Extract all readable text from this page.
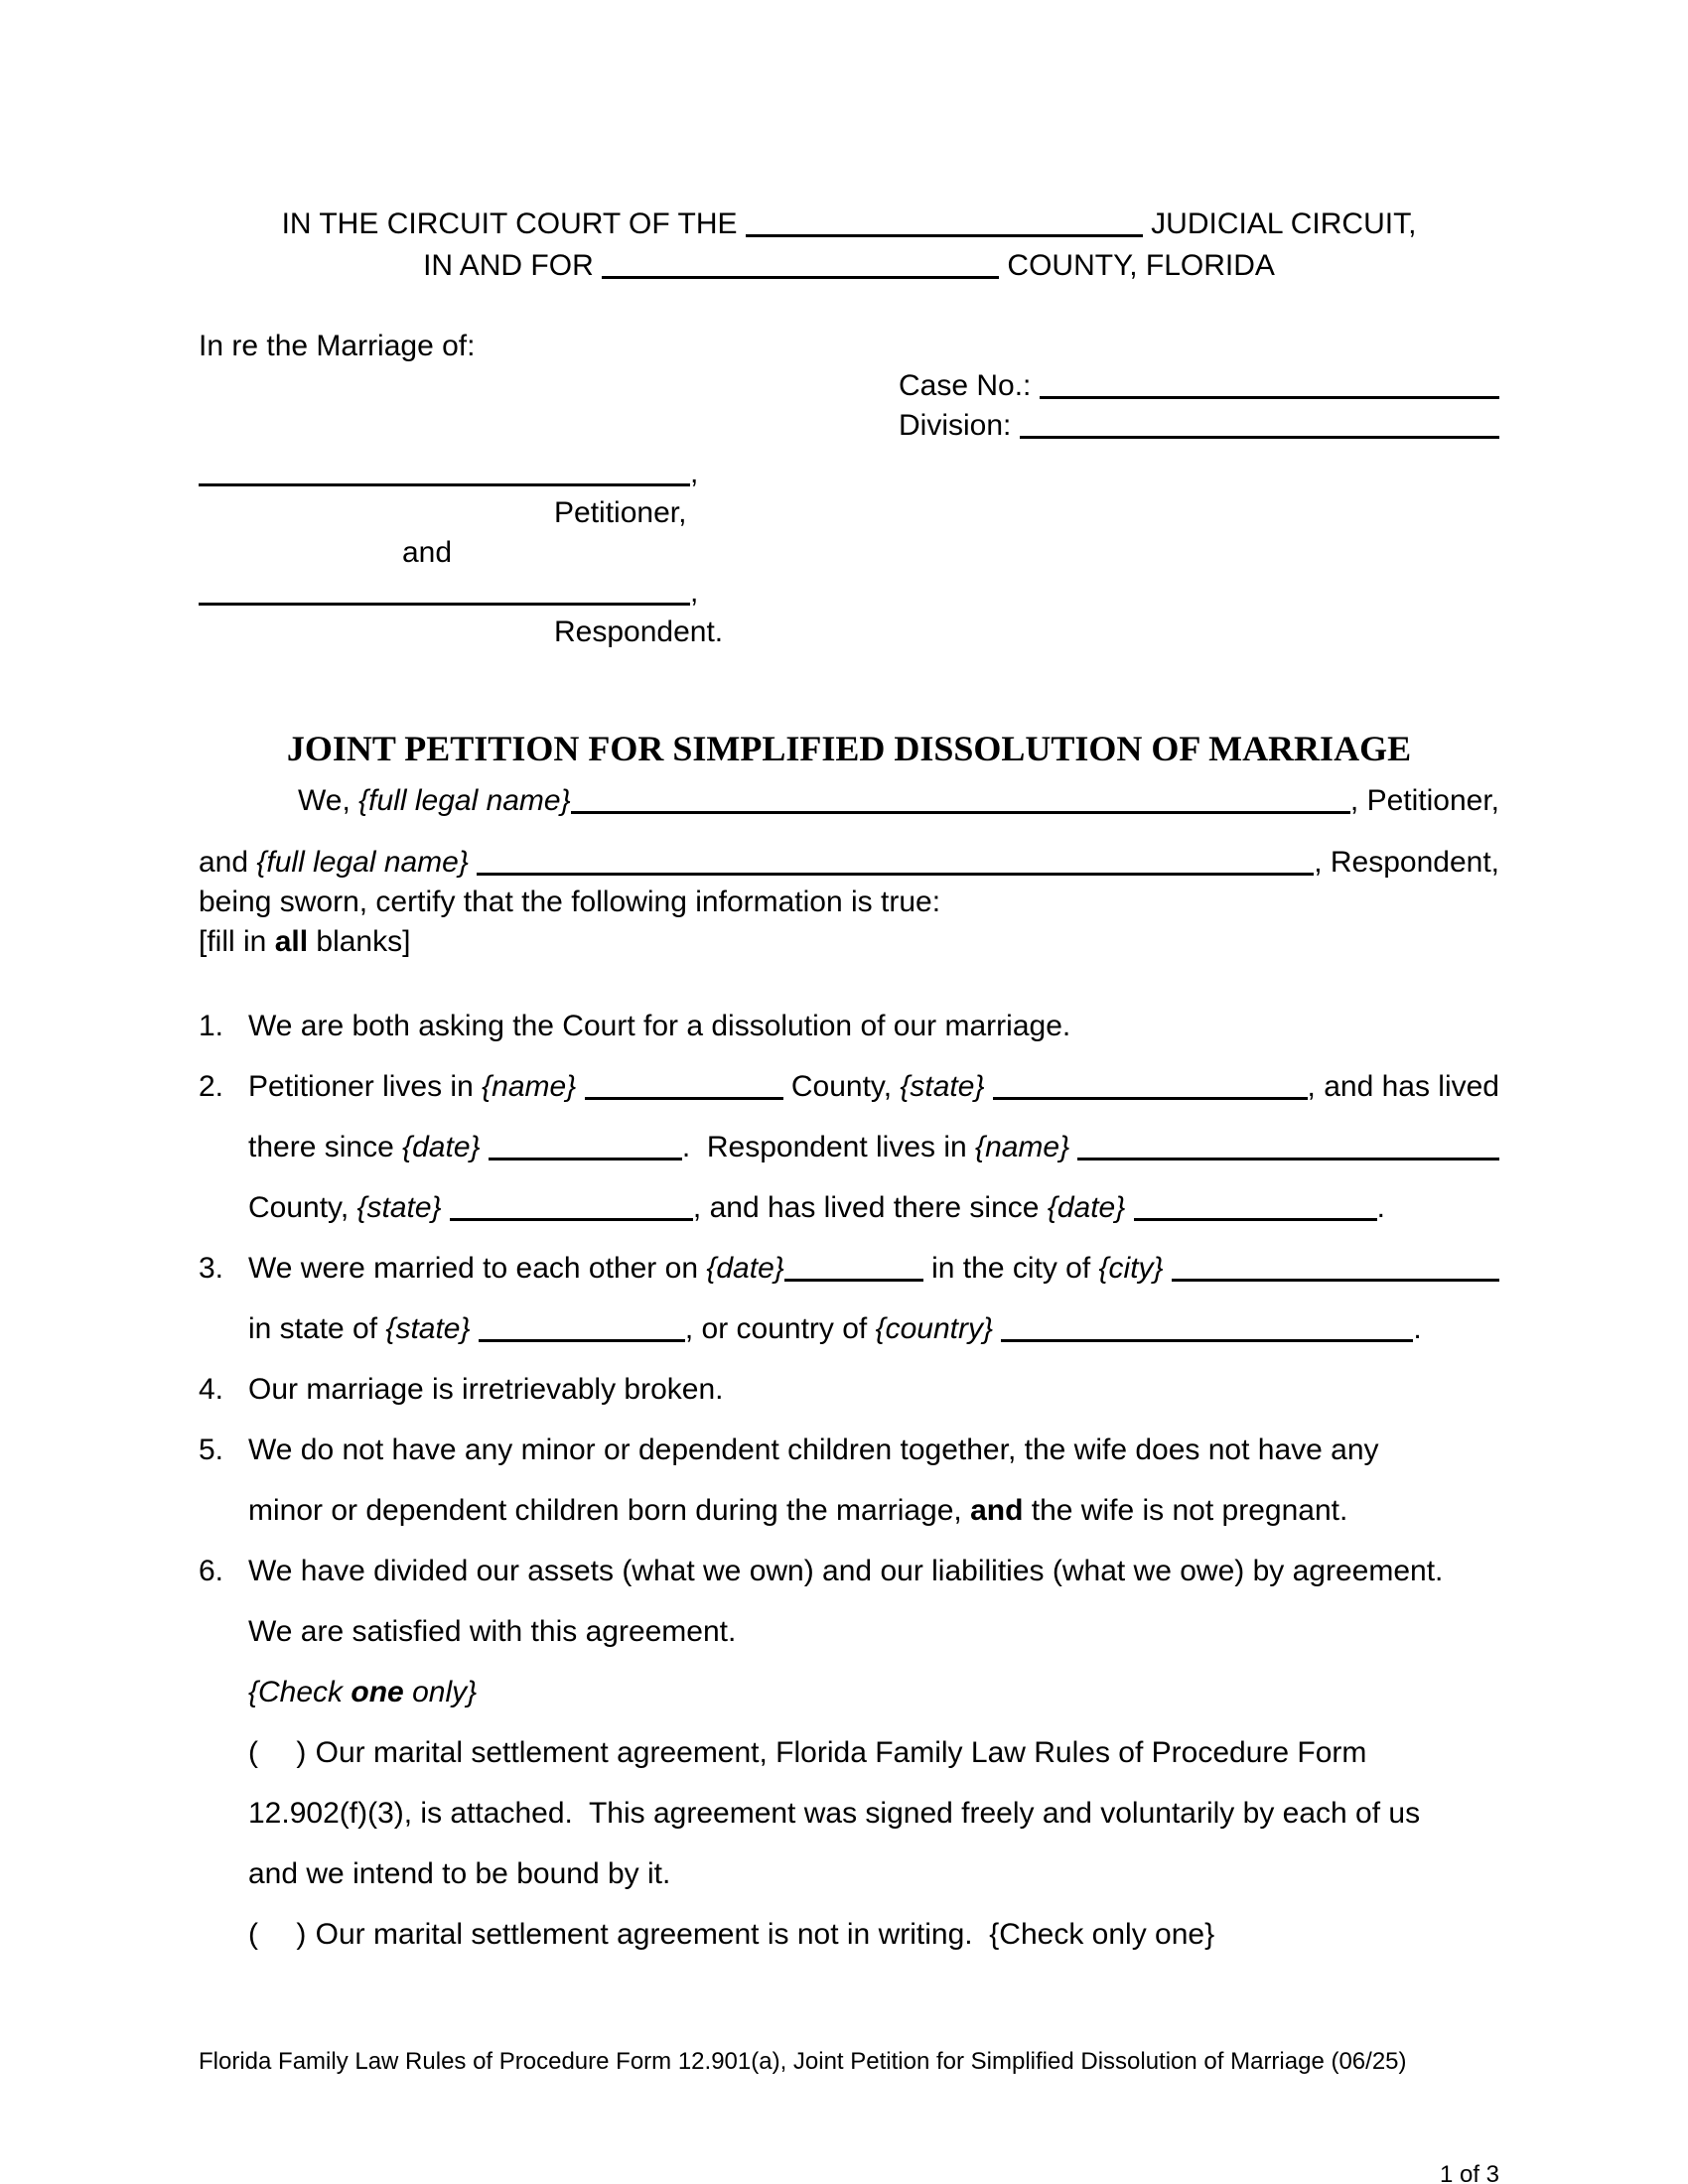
IN THE CIRCUIT COURT OF THE	JUDICIAL CIRCUIT,
IN AND FOR	COUNTY, FLORIDA
In re the Marriage of:
Case No.:
Division:
,
Petitioner,
and
,
Respondent.
JOINT PETITION FOR SIMPLIFIED DISSOLUTION OF MARRIAGE
We, {full legal name}	, Petitioner,
and {full legal name}
	, Respondent,
being sworn, certify that the following information is true:
[fill in all blanks]
1. We are both asking the Court for a dissolution of our marriage.
2. Petitioner lives in {name}
	County, {state}
	, and has lived
there since {date}
	.  Respondent lives in {name}

County, {state}	, and has lived there since {date}	.
3. We were married to each other on {date}	in the city of {city}

in state of {state}	, or country of {country}	.
4. Our marriage is irretrievably broken.
5. We do not have any minor or dependent children together, the wife does not have any
minor or dependent children born during the marriage, and the wife is not pregnant.
6. We have divided our assets (what we own) and our liabilities (what we owe) by agreement.
We are satisfied with this agreement.
{Check one only}
(    ) Our marital settlement agreement, Florida Family Law Rules of Procedure Form
12.902(f)(3), is attached.  This agreement was signed freely and voluntarily by each of us
and we intend to be bound by it.
(    ) Our marital settlement agreement is not in writing.  {Check only one}

Florida Family Law Rules of Procedure Form 12.901(a), Joint Petition for Simplified Dissolution of Marriage (06/25)

1 of 3
